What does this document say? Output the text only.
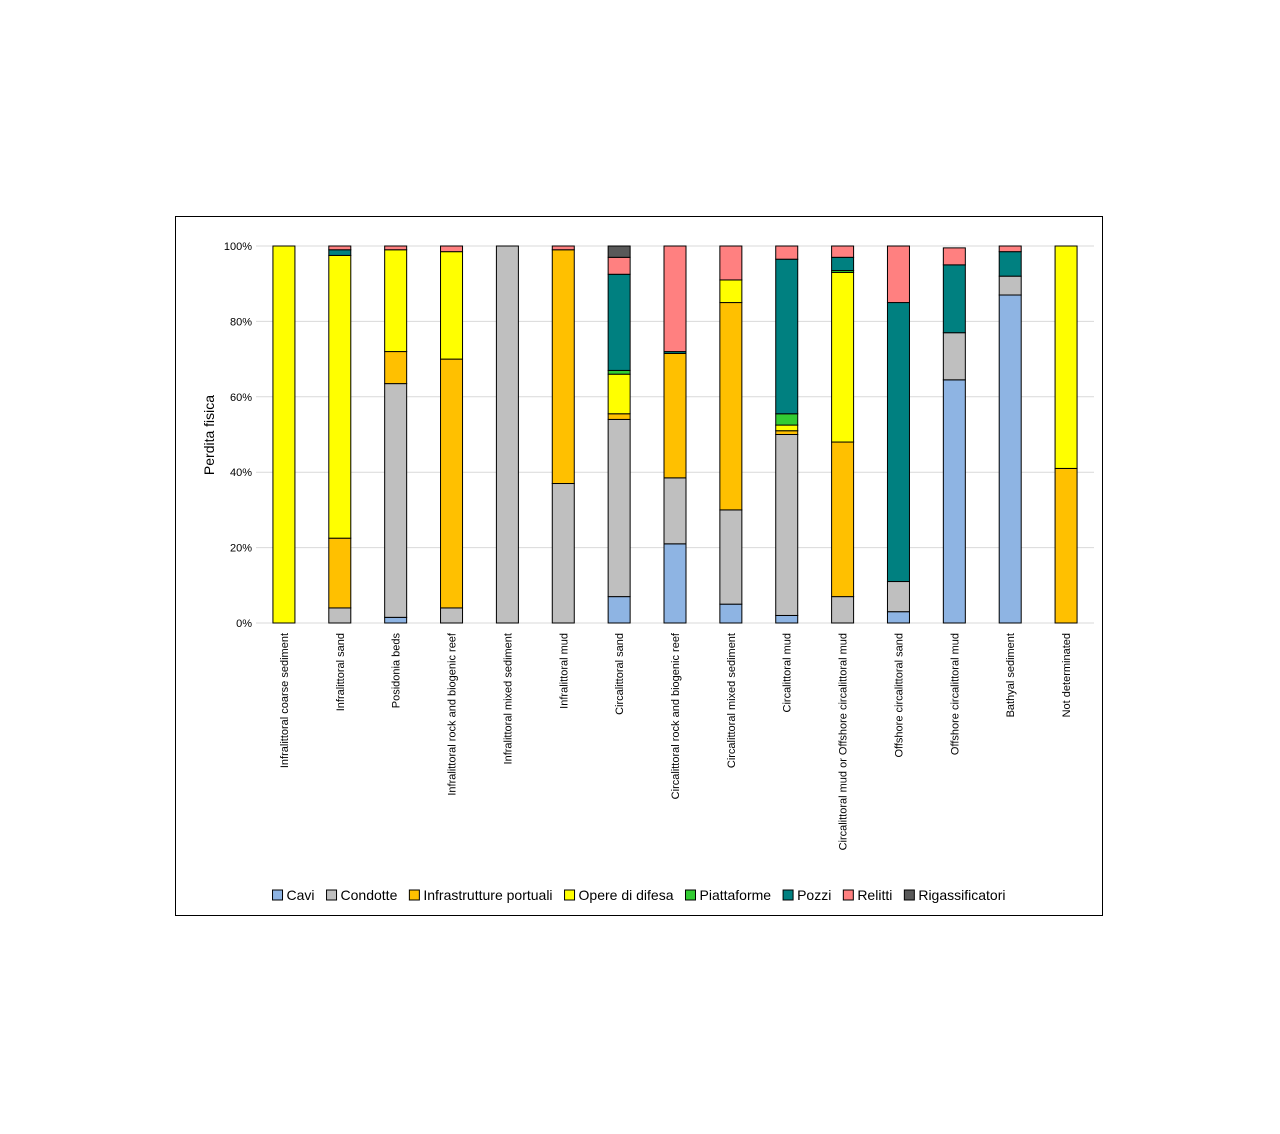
0%
20%
40%
60%
80%
100%
Infralittoral coarse sediment	Infralittoral sand	Posidonia beds	Infralittoral rock and biogenic reef	Infralittoral mixed sediment	Infralittoral mud	Circalittoral sand	Circalittoral rock and biogenic reef	Circalittoral mixed sediment	Circalittoral mud	Circalittoral mud or Offshore circalittoral mud	Offshore circalittoral sand	Offshore circalittoral mud	Bathyal sediment	Not determinated
Perdita fisica
Cavi Condotte Infrastrutture portuali Opere di difesa Piattaforme Pozzi Relitti Rigassificatori
